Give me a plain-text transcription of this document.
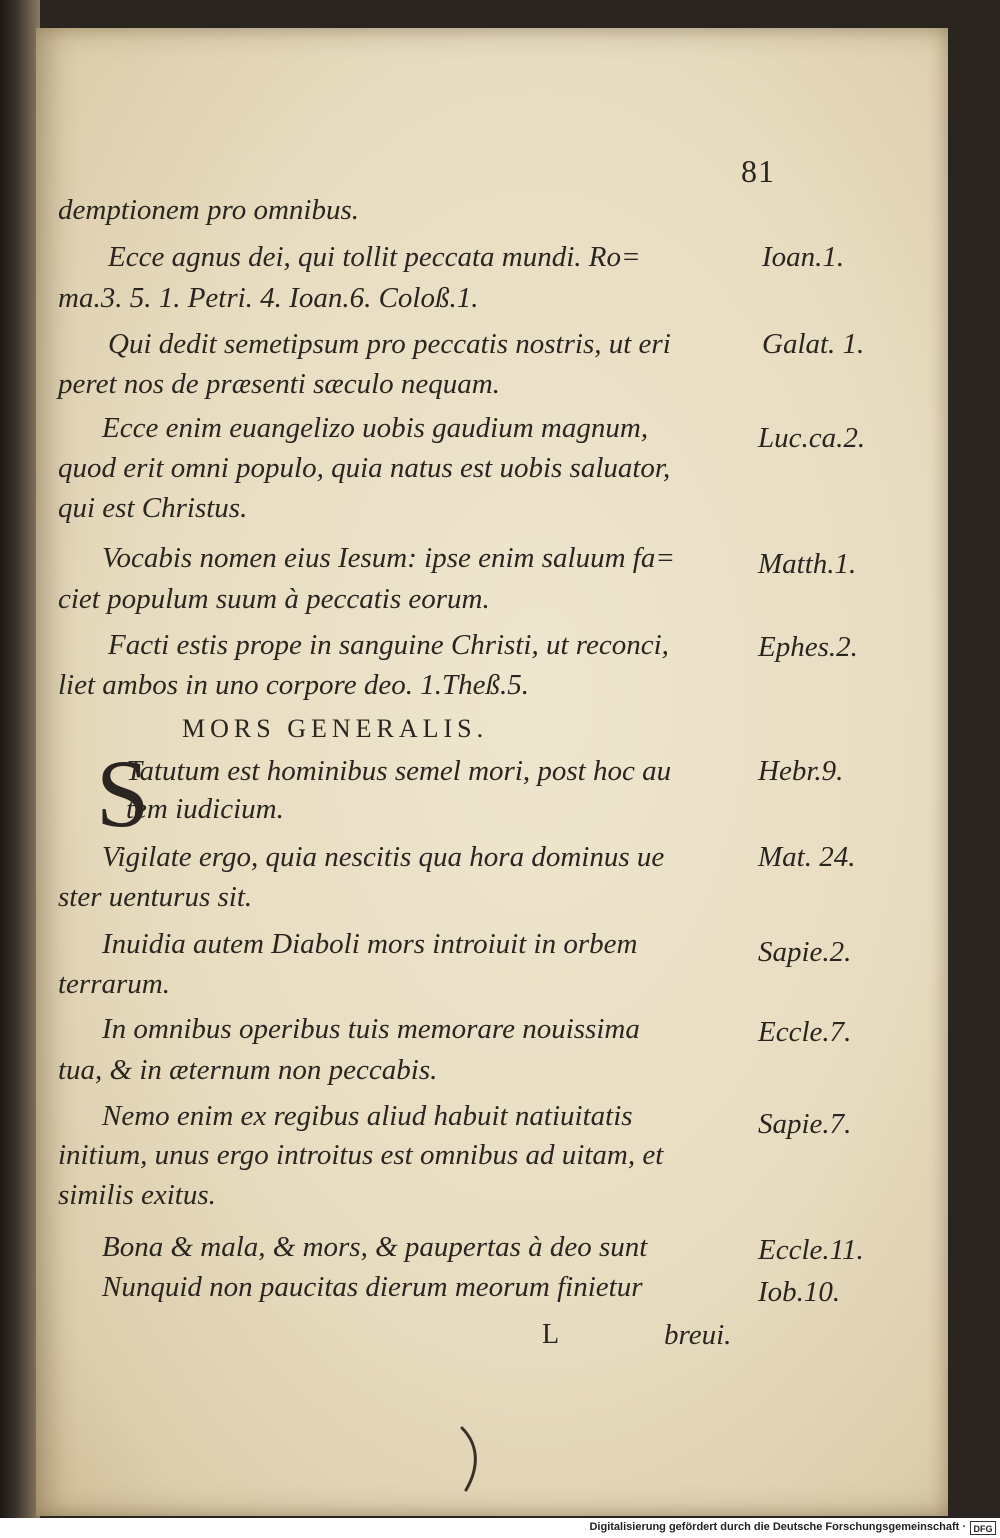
81
demptionem pro omnibus.
Ecce agnus dei, qui tollit peccata mundi. Ro=
ma.3. 5. 1. Petri. 4. Ioan.6. Coloß.1.
Qui dedit semetipsum pro peccatis nostris, ut eri
peret nos de præsenti sæculo nequam.
Ecce enim euangelizo uobis gaudium magnum,
quod erit omni populo, quia natus est uobis saluator,
qui est Christus.
Vocabis nomen eius Iesum: ipse enim saluum fa=
ciet populum suum à peccatis eorum.
Facti estis prope in sanguine Christi, ut reconci,
liet ambos in uno corpore deo. 1.Theß.5.
MORS GENERALIS.
S
Tatutum est hominibus semel mori, post hoc au
tem iudicium.
Vigilate ergo, quia nescitis qua hora dominus ue
ster uenturus sit.
Inuidia autem Diaboli mors introiuit in orbem
terrarum.
In omnibus operibus tuis memorare nouissima
tua, & in æternum non peccabis.
Nemo enim ex regibus aliud habuit natiuitatis
initium, unus ergo introitus est omnibus ad uitam, et
similis exitus.
Bona & mala, & mors, & paupertas à deo sunt
Nunquid non paucitas dierum meorum finietur
Ioan.1.
Galat. 1.
Luc.ca.2.
Matth.1.
Ephes.2.
Hebr.9.
Mat. 24.
Sapie.2.
Eccle.7.
Sapie.7.
Eccle.11.
Iob.10.
L	breui.
Digitalisierung gefördert durch die Deutsche Forschungsgemeinschaft · DFG
